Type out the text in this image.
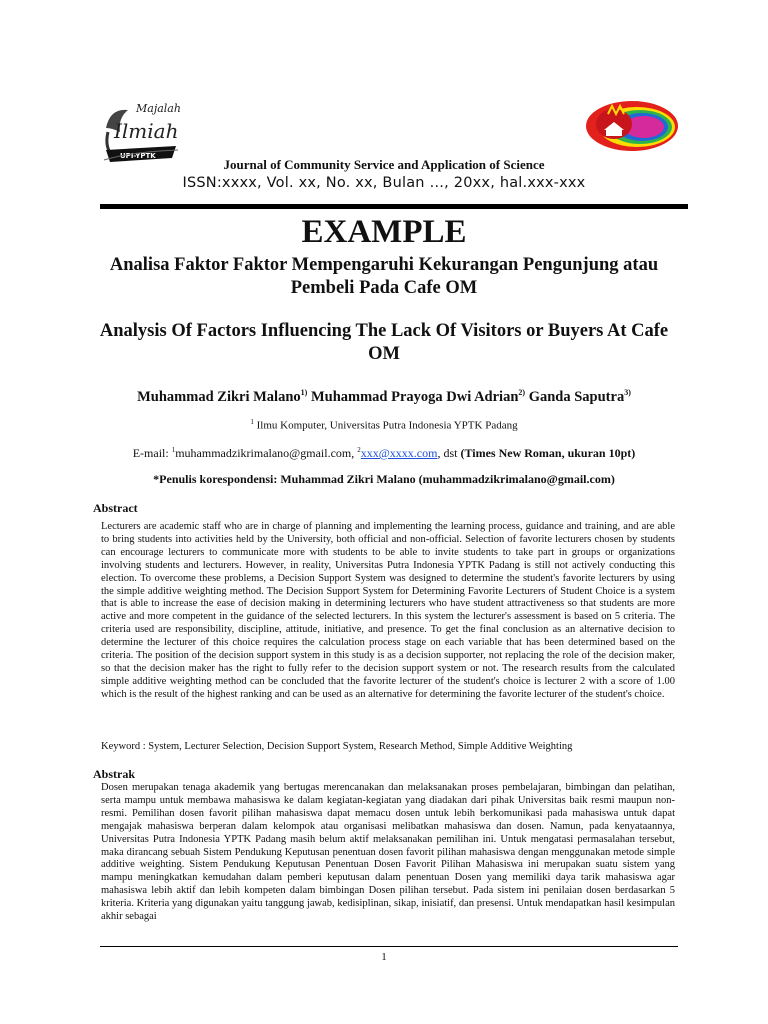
Majalah
Ilmiah
UPI-YPTK
Journal of Community Service and Application of Science
ISSN:xxxx, Vol. xx, No. xx, Bulan …, 20xx, hal.xxx-xxx
EXAMPLE
Analisa Faktor Faktor Mempengaruhi Kekurangan Pengunjung atau Pembeli Pada Cafe OM
Analysis Of Factors Influencing The Lack Of Visitors or Buyers At Cafe OM
Muhammad Zikri Malano$^{1)}$ Muhammad Prayoga Dwi Adrian$^{2)}$ Ganda Saputra$^{3)}$
$^1$ Ilmu Komputer, Universitas Putra Indonesia YPTK Padang
E-mail: $^1$muhammadzikrimalano@gmail.com, $^2$xxx@xxxx.com, dst (Times New Roman, ukuran 10pt)
*Penulis korespondensi: Muhammad Zikri Malano (muhammadzikrimalano@gmail.com)
Abstract
Lecturers are academic staff who are in charge of planning and implementing the learning process, guidance and training, and are able to bring students into activities held by the University, both official and non-official. Selection of favorite lecturers chosen by students can encourage lecturers to communicate more with students to be able to invite students to take part in groups or organizations involving students and lecturers. However, in reality, Universitas Putra Indonesia YPTK Padang is still not actively conducting this election. To overcome these problems, a Decision Support System was designed to determine the student's favorite lecturers by using the simple additive weighting method. The Decision Support System for Determining Favorite Lecturers of Student Choice is a system that is able to increase the ease of decision making in determining lecturers who have student attractiveness so that students are more active and more competent in the guidance of the selected lecturers. In this system the lecturer's assessment is based on 5 criteria. The criteria used are responsibility, discipline, attitude, initiative, and presence. To get the final conclusion as an alternative decision to determine the lecturer of this choice requires the calculation process stage on each variable that has been determined based on the criteria. The position of the decision support system in this study is as a decision supporter, not replacing the role of the decision maker, so that the decision maker has the right to fully refer to the decision support system or not. The research results from the calculated simple additive weighting method can be concluded that the favorite lecturer of the student's choice is lecturer 2 with a score of 1.00 which is the result of the highest ranking and can be used as an alternative for determining the favorite lecturer of the student's choice.
Keyword : System, Lecturer Selection, Decision Support System, Research Method, Simple Additive Weighting
Abstrak
Dosen merupakan tenaga akademik yang bertugas merencanakan dan melaksanakan proses pembelajaran, bimbingan dan pelatihan, serta mampu untuk membawa mahasiswa ke dalam kegiatan-kegiatan yang diadakan dari pihak Universitas baik resmi maupun non-resmi. Pemilihan dosen favorit pilihan mahasiswa dapat memacu dosen untuk lebih berkomunikasi pada mahasiswa untuk dapat mengajak mahasiswa berperan dalam kelompok atau organisasi melibatkan mahasiswa dan dosen. Namun, pada kenyataannya, Universitas Putra Indonesia YPTK Padang masih belum aktif melaksanakan pemilihan ini. Untuk mengatasi permasalahan tersebut, maka dirancang sebuah Sistem Pendukung Keputusan penentuan dosen favorit pilihan mahasiswa dengan menggunakan metode simple additive weighting. Sistem Pendukung Keputusan Penentuan Dosen Favorit Pilihan Mahasiswa ini merupakan suatu sistem yang mampu meningkatkan kemudahan dalam pemberi keputusan dalam penentuan Dosen yang memiliki daya tarik mahasiswa agar mahasiswa lebih aktif dan lebih kompeten dalam bimbingan Dosen pilihan tersebut. Pada sistem ini penilaian dosen berdasarkan 5 kriteria. Kriteria yang digunakan yaitu tanggung jawab, kedisiplinan, sikap, inisiatif, dan presensi. Untuk mendapatkan hasil kesimpulan akhir sebagai
1
